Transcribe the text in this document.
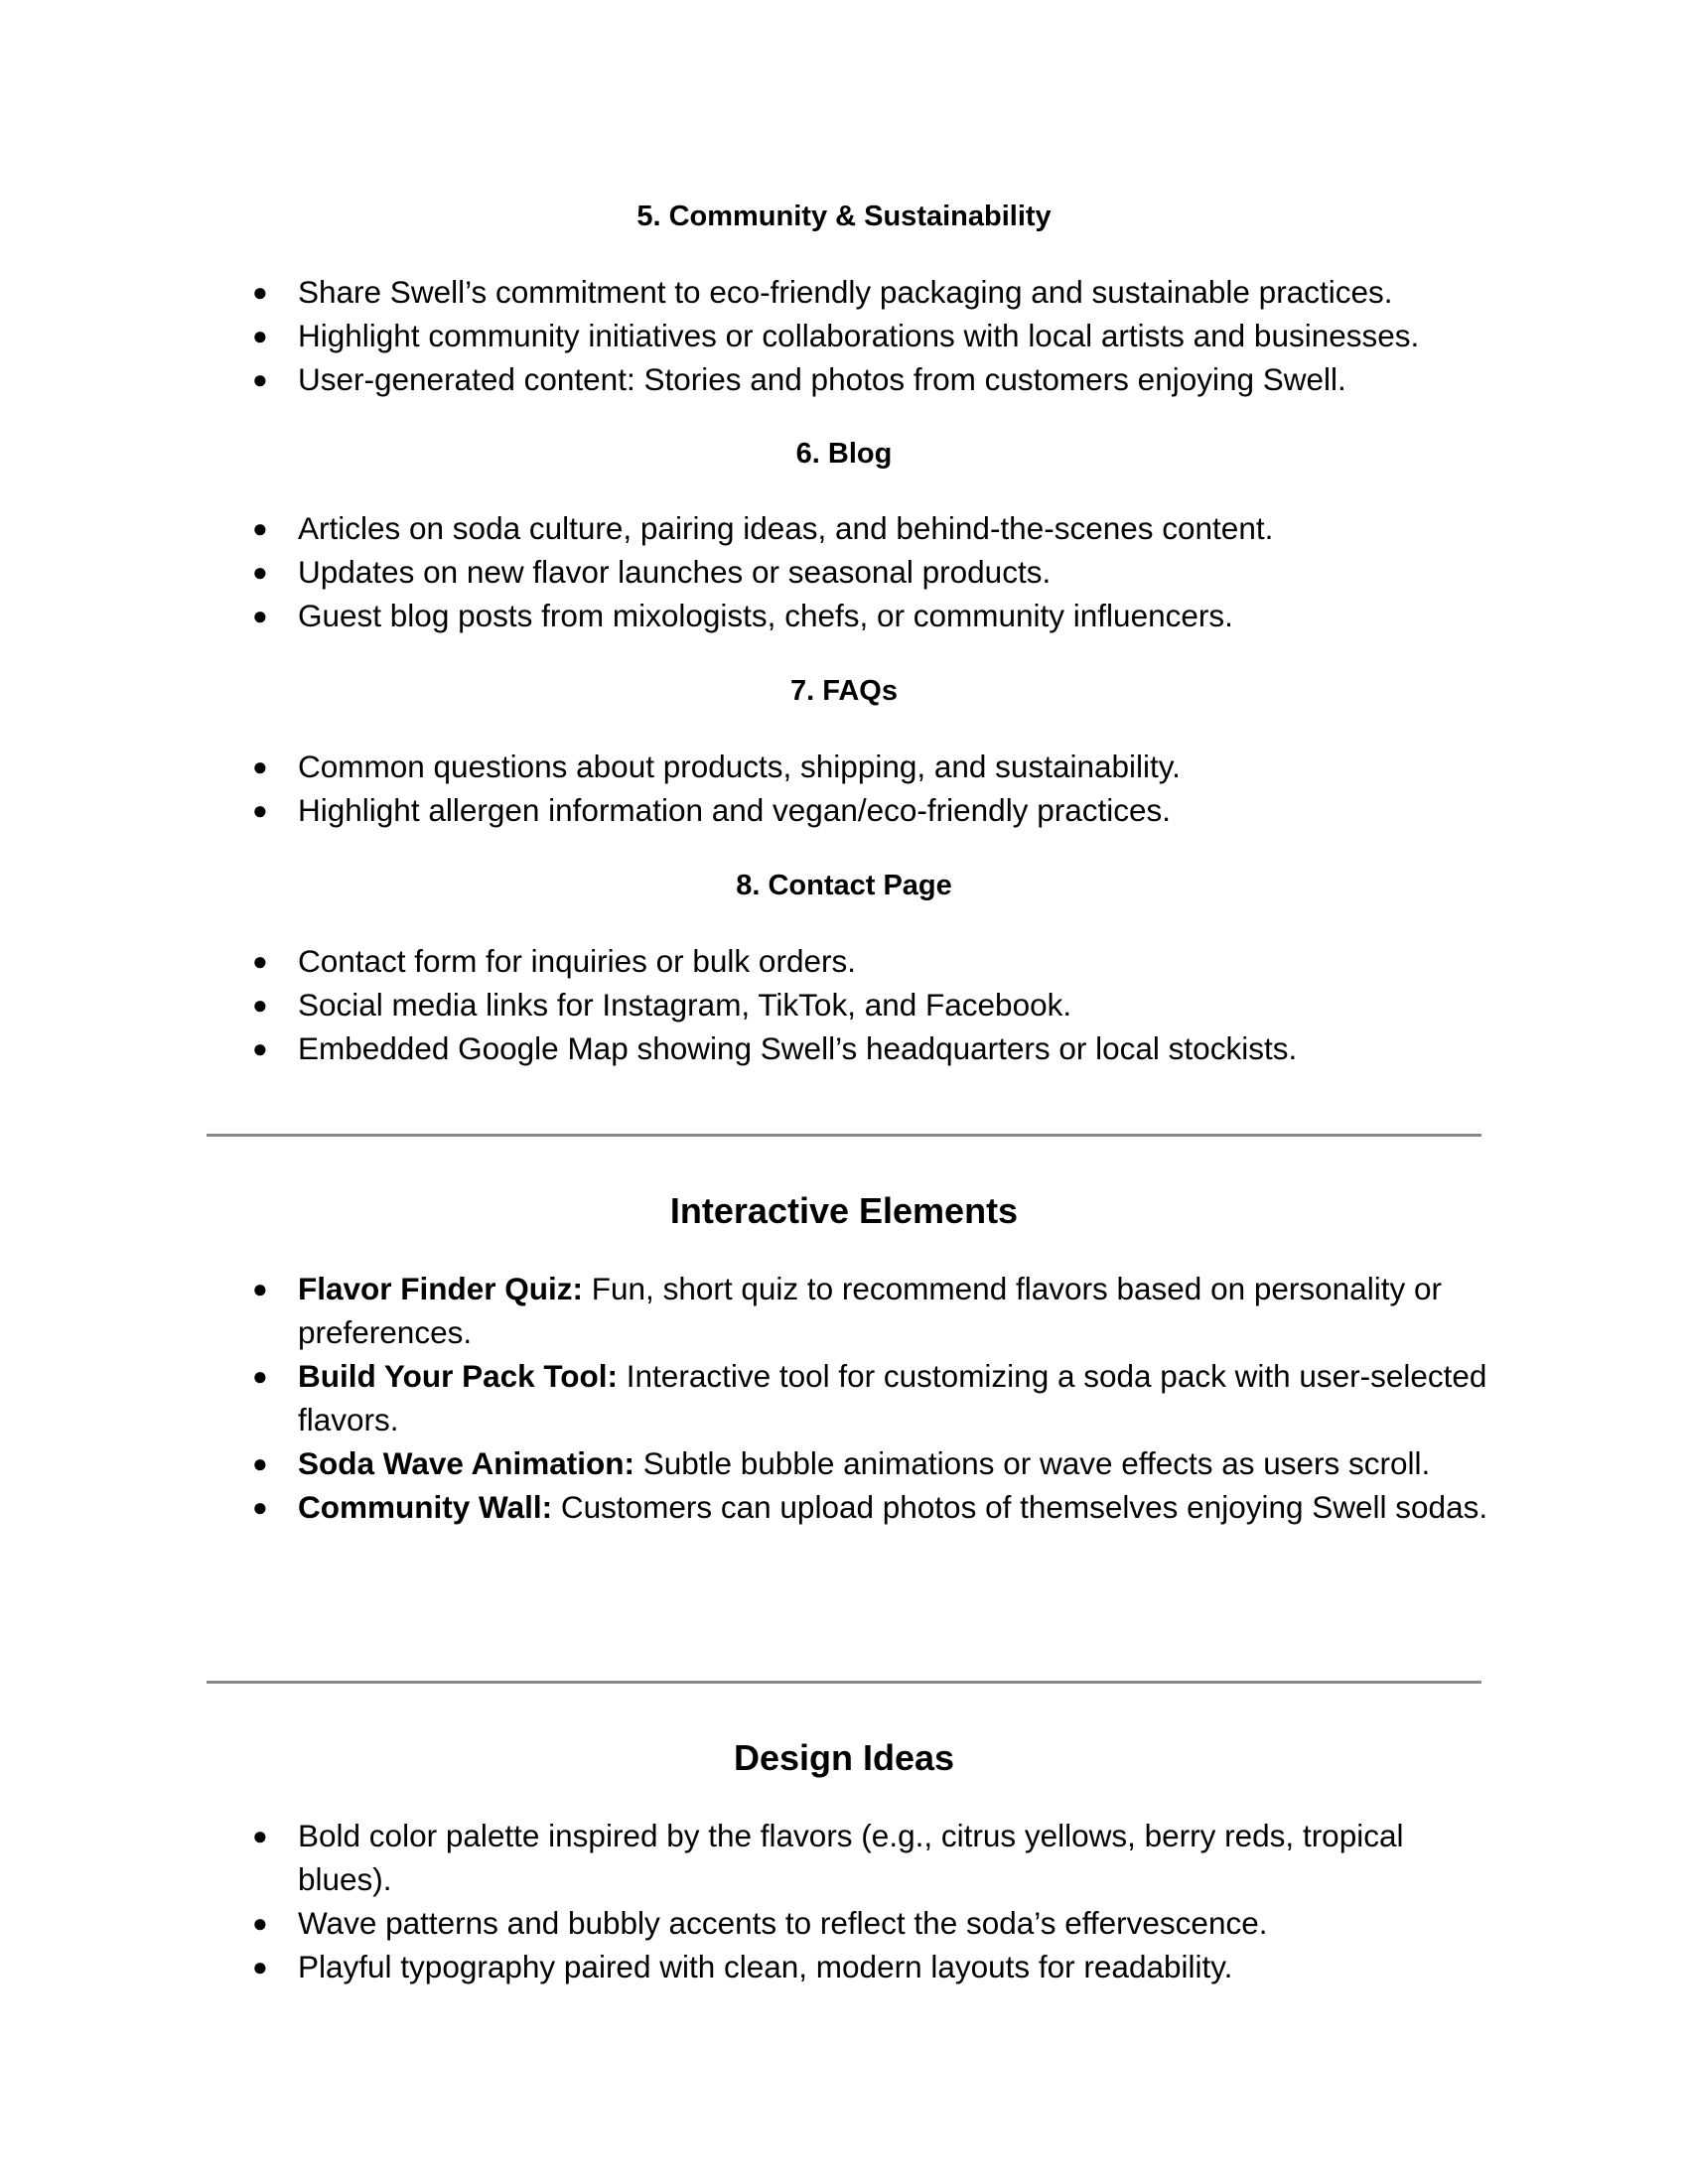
5. Community & Sustainability
● Share Swell’s commitment to eco-friendly packaging and sustainable practices.
● Highlight community initiatives or collaborations with local artists and businesses.
● User-generated content: Stories and photos from customers enjoying Swell.
6. Blog
● Articles on soda culture, pairing ideas, and behind-the-scenes content.
● Updates on new flavor launches or seasonal products.
● Guest blog posts from mixologists, chefs, or community influencers.
7. FAQs
● Common questions about products, shipping, and sustainability.
● Highlight allergen information and vegan/eco-friendly practices.
8. Contact Page
● Contact form for inquiries or bulk orders.
● Social media links for Instagram, TikTok, and Facebook.
● Embedded Google Map showing Swell’s headquarters or local stockists.
Interactive Elements
● Flavor Finder Quiz: Fun, short quiz to recommend flavors based on personality or preferences.
● Build Your Pack Tool: Interactive tool for customizing a soda pack with user-selected flavors.
● Soda Wave Animation: Subtle bubble animations or wave effects as users scroll.
● Community Wall: Customers can upload photos of themselves enjoying Swell sodas.
Design Ideas
● Bold color palette inspired by the flavors (e.g., citrus yellows, berry reds, tropical blues).
● Wave patterns and bubbly accents to reflect the soda’s effervescence.
● Playful typography paired with clean, modern layouts for readability.
